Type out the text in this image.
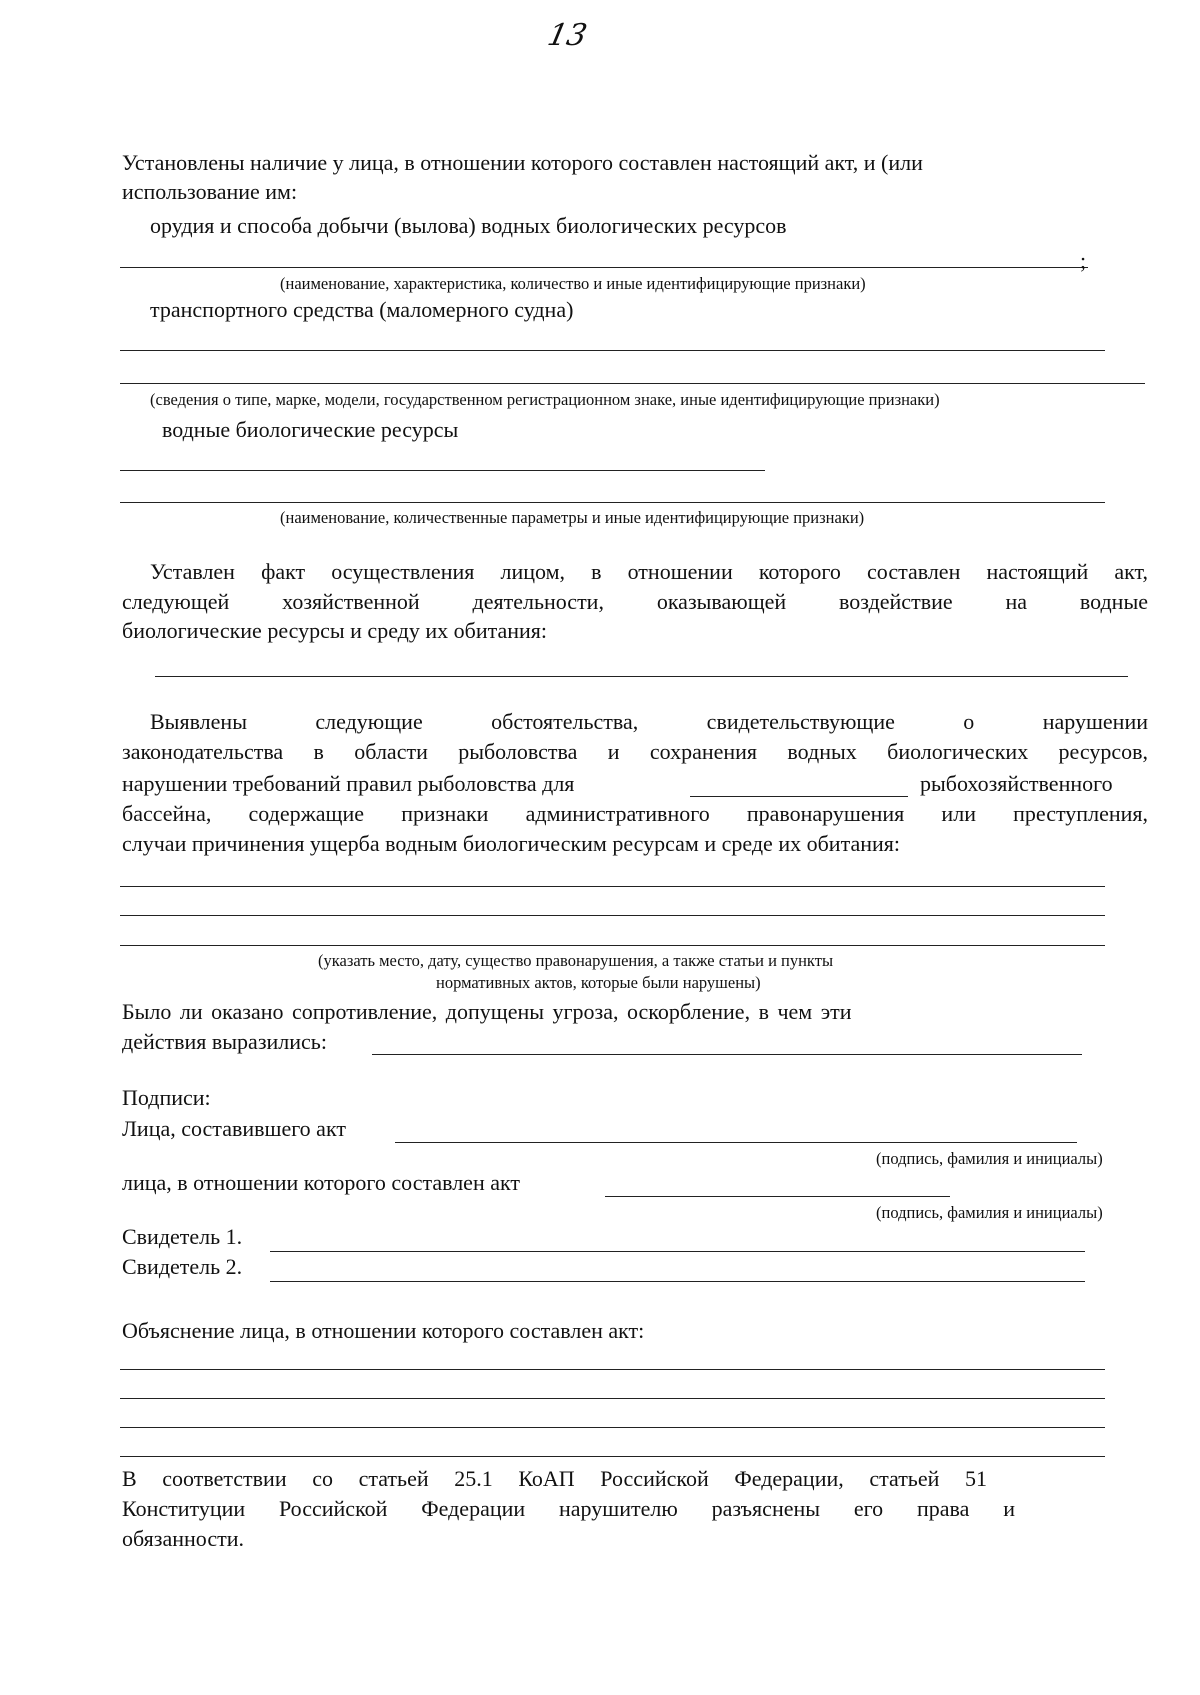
13
Установлены наличие у лица, в отношении которого составлен настоящий акт, и (или
использование им:
орудия и способа добычи (вылова) водных биологических ресурсов
;
(наименование, характеристика, количество и иные идентифицирующие признаки)
транспортного средства (маломерного судна)
(сведения о типе, марке, модели, государственном регистрационном знаке, иные идентифицирующие признаки)
водные биологические ресурсы
(наименование, количественные параметры и иные идентифицирующие признаки)
Уставлен факт осуществления лицом, в отношении которого составлен настоящий акт,
следующей хозяйственной деятельности, оказывающей воздействие на водные
биологические ресурсы и среду их обитания:
Выявлены следующие обстоятельства, свидетельствующие о нарушении
законодательства в области рыболовства и сохранения водных биологических ресурсов,
нарушении требований правил рыболовства для	рыбохозяйственного
бассейна, содержащие признаки административного правонарушения или преступления,
случаи причинения ущерба водным биологическим ресурсам и среде их обитания:
(указать место, дату, существо правонарушения, а также статьи и пункты
нормативных актов, которые были нарушены)
Было ли оказано сопротивление, допущены угроза, оскорбление, в чем эти
действия выразились:
Подписи:
Лица, составившего акт
(подпись, фамилия и инициалы)
лица, в отношении которого составлен акт
(подпись, фамилия и инициалы)
Свидетель 1.
Свидетель 2.
Объяснение лица, в отношении которого составлен акт:
В соответствии со статьей 25.1 КоАП Российской Федерации, статьей 51
Конституции Российской Федерации нарушителю разъяснены его права и
обязанности.
